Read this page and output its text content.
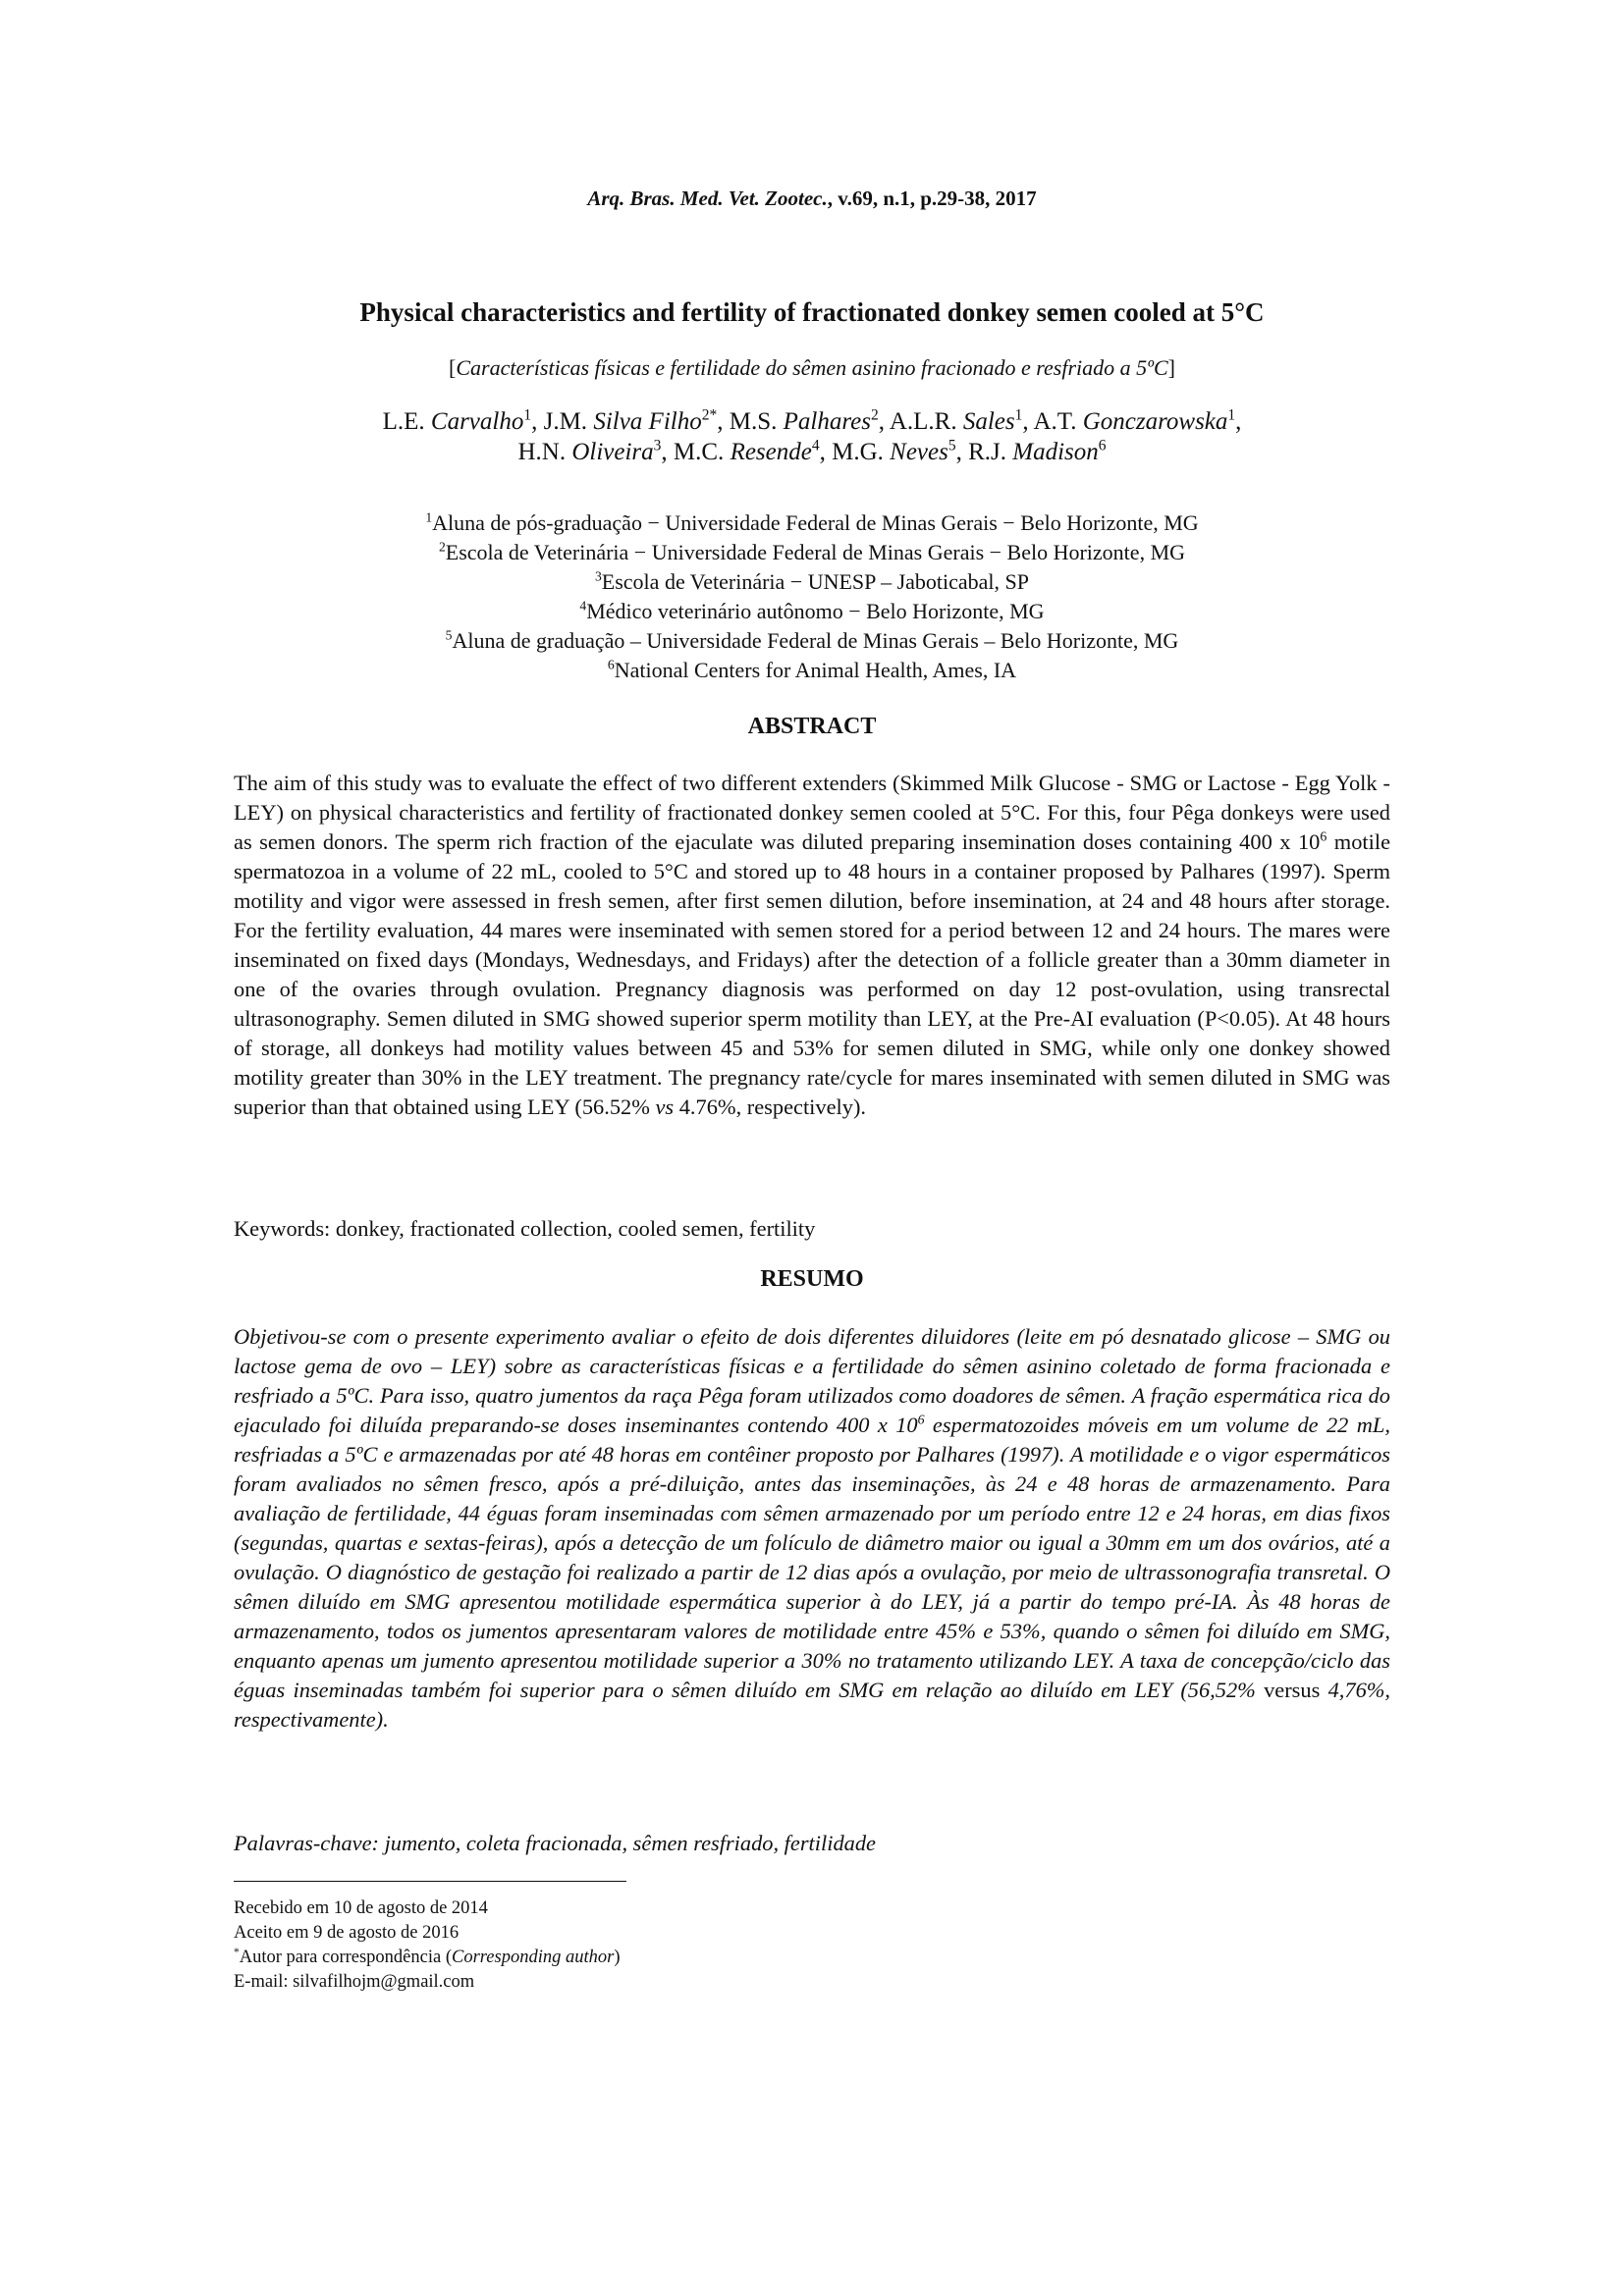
Arq. Bras. Med. Vet. Zootec., v.69, n.1, p.29-38, 2017
Physical characteristics and fertility of fractionated donkey semen cooled at 5°C
[Características físicas e fertilidade do sêmen asinino fracionado e resfriado a 5ºC]
L.E. Carvalho$^1$, J.M. Silva Filho$^{2*}$, M.S. Palhares$^2$, A.L.R. Sales$^1$, A.T. Gonczarowska$^1$,
H.N. Oliveira$^3$, M.C. Resende$^4$, M.G. Neves$^5$, R.J. Madison$^6$
$^1$Aluna de pós-graduação − Universidade Federal de Minas Gerais − Belo Horizonte, MG
$^2$Escola de Veterinária − Universidade Federal de Minas Gerais − Belo Horizonte, MG
$^3$Escola de Veterinária − UNESP – Jaboticabal, SP
$^4$Médico veterinário autônomo − Belo Horizonte, MG
$^5$Aluna de graduação – Universidade Federal de Minas Gerais – Belo Horizonte, MG
$^6$National Centers for Animal Health, Ames, IA
ABSTRACT
The aim of this study was to evaluate the effect of two different extenders (Skimmed Milk Glucose - SMG or Lactose - Egg Yolk - LEY) on physical characteristics and fertility of fractionated donkey semen cooled at 5°C. For this, four Pêga donkeys were used as semen donors. The sperm rich fraction of the ejaculate was diluted preparing insemination doses containing 400 x $10^6$ motile spermatozoa in a volume of 22 mL, cooled to 5°C and stored up to 48 hours in a container proposed by Palhares (1997). Sperm motility and vigor were assessed in fresh semen, after first semen dilution, before insemination, at 24 and 48 hours after storage. For the fertility evaluation, 44 mares were inseminated with semen stored for a period between 12 and 24 hours. The mares were inseminated on fixed days (Mondays, Wednesdays, and Fridays) after the detection of a follicle greater than a 30mm diameter in one of the ovaries through ovulation. Pregnancy diagnosis was performed on day 12 post-ovulation, using transrectal ultrasonography. Semen diluted in SMG showed superior sperm motility than LEY, at the Pre-AI evaluation (P<0.05). At 48 hours of storage, all donkeys had motility values between 45 and 53% for semen diluted in SMG, while only one donkey showed motility greater than 30% in the LEY treatment. The pregnancy rate/cycle for mares inseminated with semen diluted in SMG was superior than that obtained using LEY (56.52% vs 4.76%, respectively).
Keywords: donkey, fractionated collection, cooled semen, fertility
RESUMO
Objetivou-se com o presente experimento avaliar o efeito de dois diferentes diluidores (leite em pó desnatado glicose – SMG ou lactose gema de ovo – LEY) sobre as características físicas e a fertilidade do sêmen asinino coletado de forma fracionada e resfriado a 5ºC. Para isso, quatro jumentos da raça Pêga foram utilizados como doadores de sêmen. A fração espermática rica do ejaculado foi diluída preparando-se doses inseminantes contendo 400 x $10^6$ espermatozoides móveis em um volume de 22 mL, resfriadas a 5ºC e armazenadas por até 48 horas em contêiner proposto por Palhares (1997). A motilidade e o vigor espermáticos foram avaliados no sêmen fresco, após a pré-diluição, antes das inseminações, às 24 e 48 horas de armazenamento. Para avaliação de fertilidade, 44 éguas foram inseminadas com sêmen armazenado por um período entre 12 e 24 horas, em dias fixos (segundas, quartas e sextas-feiras), após a detecção de um folículo de diâmetro maior ou igual a 30mm em um dos ovários, até a ovulação. O diagnóstico de gestação foi realizado a partir de 12 dias após a ovulação, por meio de ultrassonografia transretal. O sêmen diluído em SMG apresentou motilidade espermática superior à do LEY, já a partir do tempo pré-IA. Às 48 horas de armazenamento, todos os jumentos apresentaram valores de motilidade entre 45% e 53%, quando o sêmen foi diluído em SMG, enquanto apenas um jumento apresentou motilidade superior a 30% no tratamento utilizando LEY. A taxa de concepção/ciclo das éguas inseminadas também foi superior para o sêmen diluído em SMG em relação ao diluído em LEY (56,52% versus 4,76%, respectivamente).
Palavras-chave: jumento, coleta fracionada, sêmen resfriado, fertilidade
Recebido em 10 de agosto de 2014
Aceito em 9 de agosto de 2016
*Autor para correspondência (Corresponding author)
E-mail: silvafilhojm@gmail.com
